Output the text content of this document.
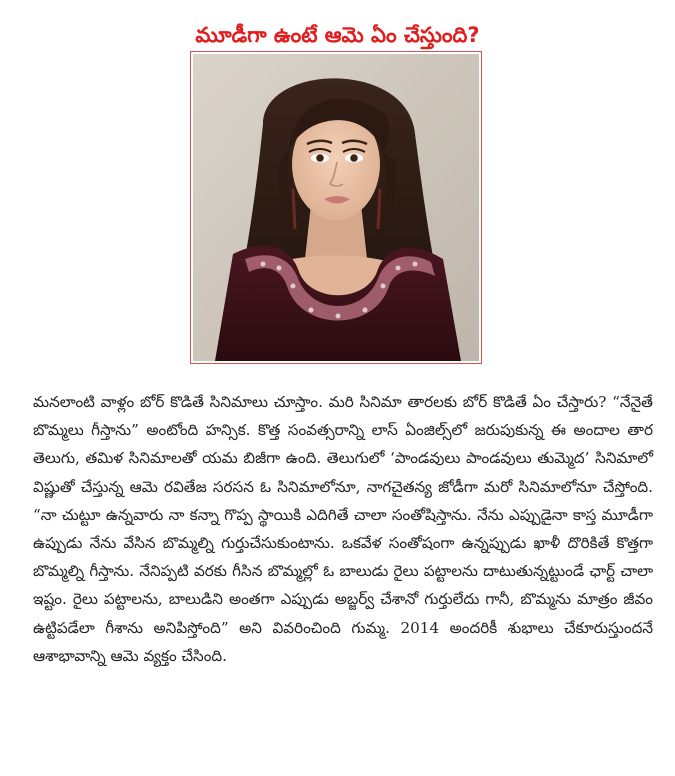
మూడీగా ఉంటే ఆమె ఏం చేస్తుంది?

మనలాంటి వాళ్లం బోర్ కొడితే సినిమాలు చూస్తాం. మరి సినిమా తారలకు బోర్ కొడితే ఏం చేస్తారు? “నేనైతే బొమ్మలు గీస్తాను” అంటోంది హన్సిక. కొత్త సంవత్సరాన్ని లాస్ ఏంజిల్స్‌లో జరుపుకున్న ఈ అందాల తార తెలుగు, తమిళ సినిమాలతో యమ బిజీగా ఉంది. తెలుగులో ‘పాండవులు పాండవులు తుమ్మెద’ సినిమాలో విష్ణుతో చేస్తున్న ఆమె రవితేజ సరసన ఓ సినిమాలోనూ, నాగచైతన్య జోడీగా మరో సినిమాలోనూ చేస్తోంది. “నా చుట్టూ ఉన్నవారు నా కన్నా గొప్ప స్థాయికి ఎదిగితే చాలా సంతోషిస్తాను. నేను ఎప్పుడైనా కాస్త మూడీగా ఉప్పుడు నేను వేసిన బొమ్మల్ని గుర్తుచేసుకుంటాను. ఒకవేళ సంతోషంగా ఉన్నప్పుడు ఖాళీ దొరికితే కొత్తగా బొమ్మల్ని గీస్తాను. నేనిప్పటి వరకు గీసిన బొమ్మల్లో ఓ బాలుడు రైలు పట్టాలను దాటుతున్నట్టుండే ఛార్ట్ చాలా ఇష్టం. రైలు పట్టాలను, బాలుడిని అంతగా ఎప్పుడు అబ్జర్వ్ చేశానో గుర్తులేదు గానీ, బొమ్మను మాత్రం జీవం ఉట్టిపడేలా గీశాను అనిపిస్తోంది” అని వివరించింది గుమ్మ. 2014 అందరికీ శుభాలు చేకూరుస్తుందనే ఆశాభావాన్ని ఆమె వ్యక్తం చేసింది.
